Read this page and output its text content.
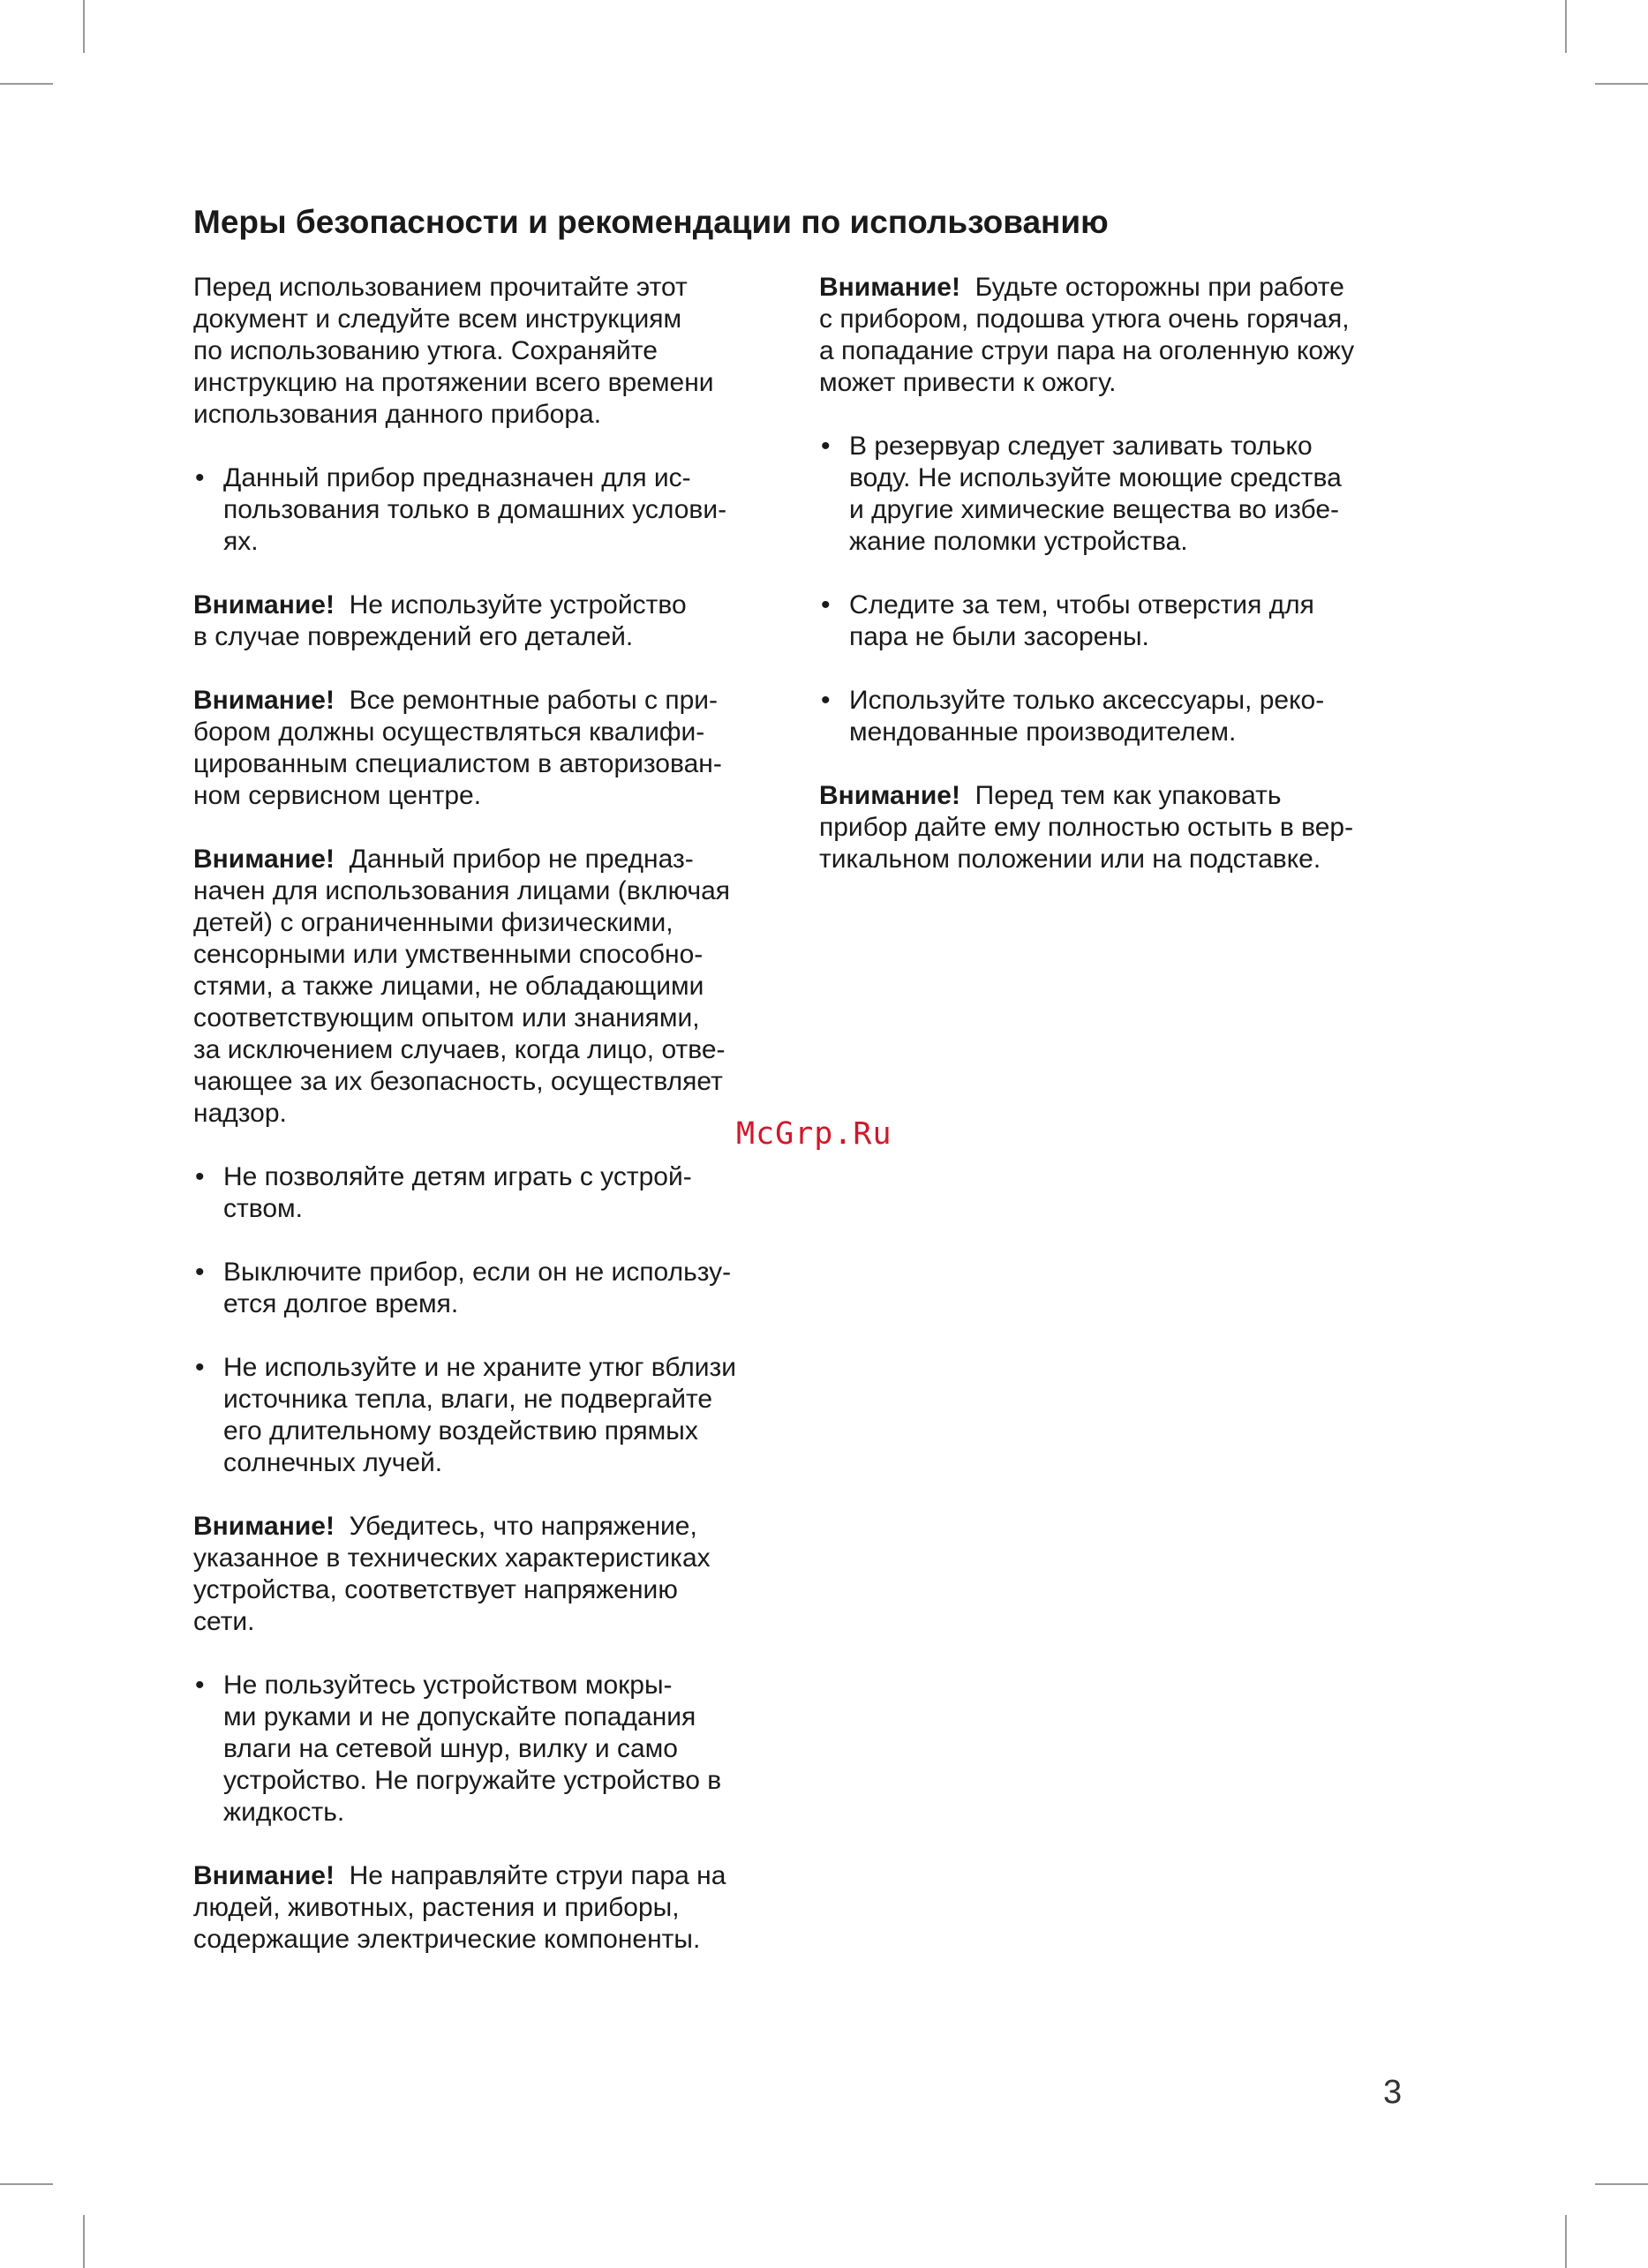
Меры безопасности и рекомендации по использованию
Перед использованием прочитайте этот
документ и следуйте всем инструкциям
по использованию утюга. Сохраняйте
инструкцию на протяжении всего времени
использования данного прибора.
• Данный прибор предназначен для ис-
пользования только в домашних услови-
ях.
Внимание! Не используйте устройство
в случае повреждений его деталей.
Внимание! Все ремонтные работы с при-
бором должны осуществляться квалифи-
цированным специалистом в авторизован-
ном сервисном центре.
Внимание! Данный прибор не предназ-
начен для использования лицами (включая
детей) с ограниченными физическими,
сенсорными или умственными способно-
стями, а также лицами, не обладающими
соответствующим опытом или знаниями,
за исключением случаев, когда лицо, отве-
чающее за их безопасность, осуществляет
надзор.
• Не позволяйте детям играть с устрой-
ством.
• Выключите прибор, если он не использу-
ется долгое время.
• Не используйте и не храните утюг вблизи
источника тепла, влаги, не подвергайте
его длительному воздействию прямых
солнечных лучей.
Внимание! Убедитесь, что напряжение,
указанное в технических характеристиках
устройства, соответствует напряжению
сети.
• Не пользуйтесь устройством мокры-
ми руками и не допускайте попадания
влаги на сетевой шнур, вилку и само
устройство. Не погружайте устройство в
жидкость.
Внимание! Не направляйте струи пара на
людей, животных, растения и приборы,
содержащие электрические компоненты.
Внимание! Будьте осторожны при работе
с прибором, подошва утюга очень горячая,
а попадание струи пара на оголенную кожу
может привести к ожогу.
• В резервуар следует заливать только
воду. Не используйте моющие средства
и другие химические вещества во избе-
жание поломки устройства.
• Следите за тем, чтобы отверстия для
пара не были засорены.
• Используйте только аксессуары, реко-
мендованные производителем.
Внимание! Перед тем как упаковать
прибор дайте ему полностью остыть в вер-
тикальном положении или на подставке.
McGrp.Ru
3
